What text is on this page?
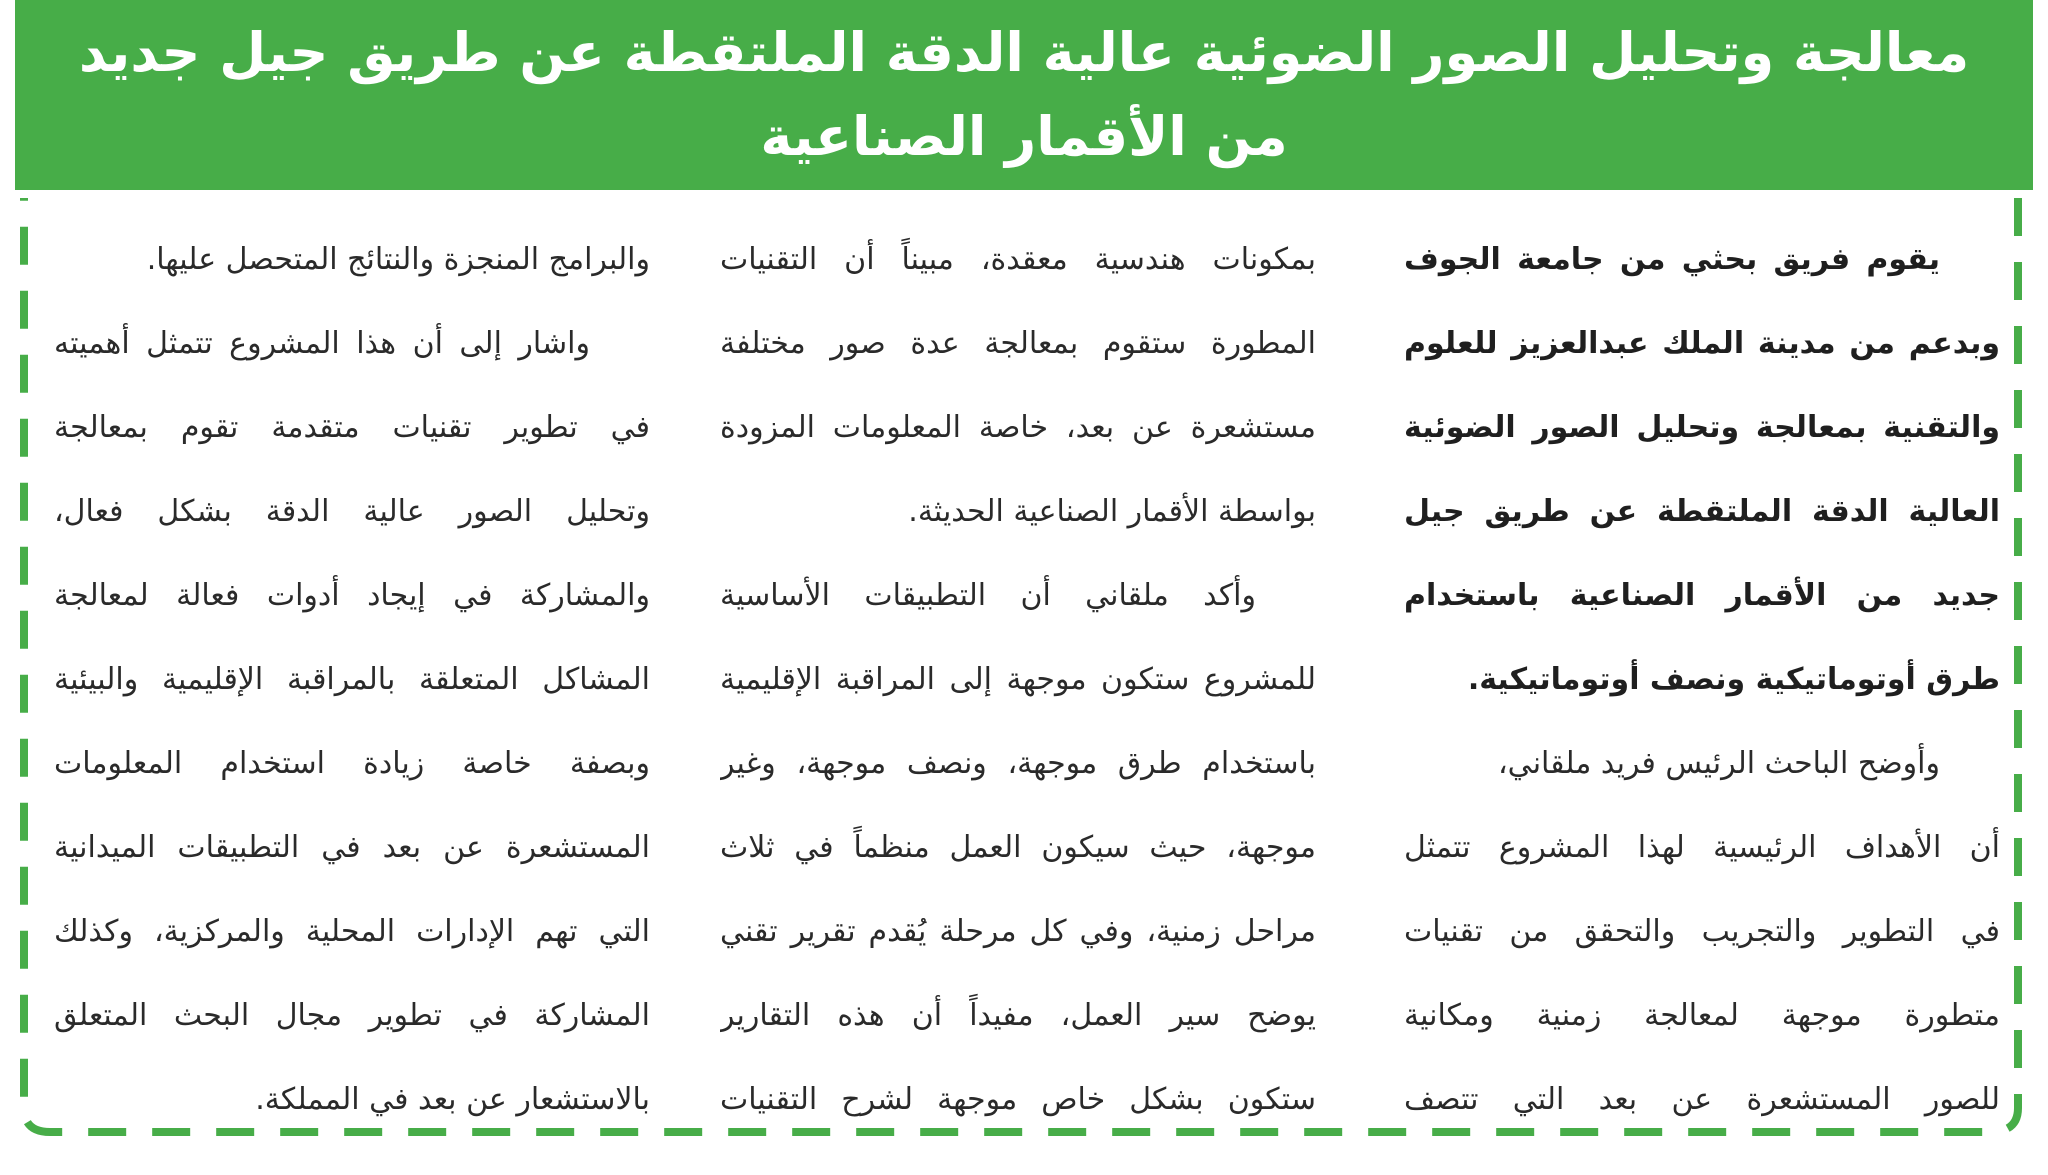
معالجة وتحليل الصور الضوئية عالية الدقة الملتقطة عن طريق جيل جديد
من الأقمار الصناعية
يقوم فريق بحثي من جامعة الجوف
وبدعم من مدينة الملك عبدالعزيز للعلوم
والتقنية بمعالجة وتحليل الصور الضوئية
العالية الدقة الملتقطة عن طريق جيل
جديد من الأقمار الصناعية باستخدام
طرق أوتوماتيكية ونصف أوتوماتيكية.
وأوضح الباحث الرئيس فريد ملقاني،
أن الأهداف الرئيسية لهذا المشروع تتمثل
في التطوير والتجريب والتحقق من تقنيات
متطورة موجهة لمعالجة زمنية ومكانية
للصور المستشعرة عن بعد التي تتصف
بمكونات هندسية معقدة، مبيناً أن التقنيات
المطورة ستقوم بمعالجة عدة صور مختلفة
مستشعرة عن بعد، خاصة المعلومات المزودة
بواسطة الأقمار الصناعية الحديثة.
وأكد ملقاني أن التطبيقات الأساسية
للمشروع ستكون موجهة إلى المراقبة الإقليمية
باستخدام طرق موجهة، ونصف موجهة، وغير
موجهة، حيث سيكون العمل منظماً في ثلاث
مراحل زمنية، وفي كل مرحلة يُقدم تقرير تقني
يوضح سير العمل، مفيداً أن هذه التقارير
ستكون بشكل خاص موجهة لشرح التقنيات
والبرامج المنجزة والنتائج المتحصل عليها.
واشار إلى أن هذا المشروع تتمثل أهميته
في تطوير تقنيات متقدمة تقوم بمعالجة
وتحليل الصور عالية الدقة بشكل فعال،
والمشاركة في إيجاد أدوات فعالة لمعالجة
المشاكل المتعلقة بالمراقبة الإقليمية والبيئية
وبصفة خاصة زيادة استخدام المعلومات
المستشعرة عن بعد في التطبيقات الميدانية
التي تهم الإدارات المحلية والمركزية، وكذلك
المشاركة في تطوير مجال البحث المتعلق
بالاستشعار عن بعد في المملكة.
